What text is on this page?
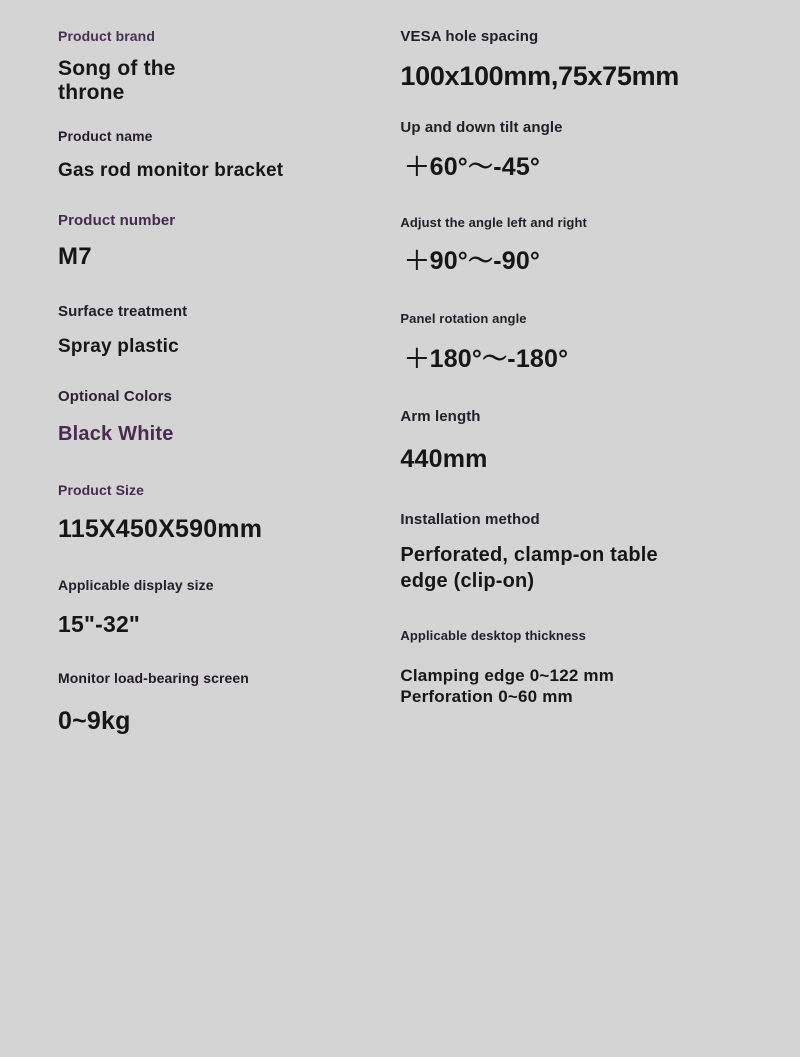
Product brand
Song of the throne
Product name
Gas rod monitor bracket
Product number
M7
Surface treatment
Spray plastic
Optional Colors
Black White
Product Size
115X450X590mm
Applicable display size
15"-32"
Monitor load-bearing screen
0~9kg
VESA hole spacing
100x100mm,75x75mm
Up and down tilt angle
＋60°～-45°
Adjust the angle left and right
＋90°～-90°
Panel rotation angle
＋180°～-180°
Arm length
440mm
Installation method
Perforated, clamp-on table edge (clip-on)
Applicable desktop thickness
Clamping edge 0~122 mm Perforation 0~60 mm
